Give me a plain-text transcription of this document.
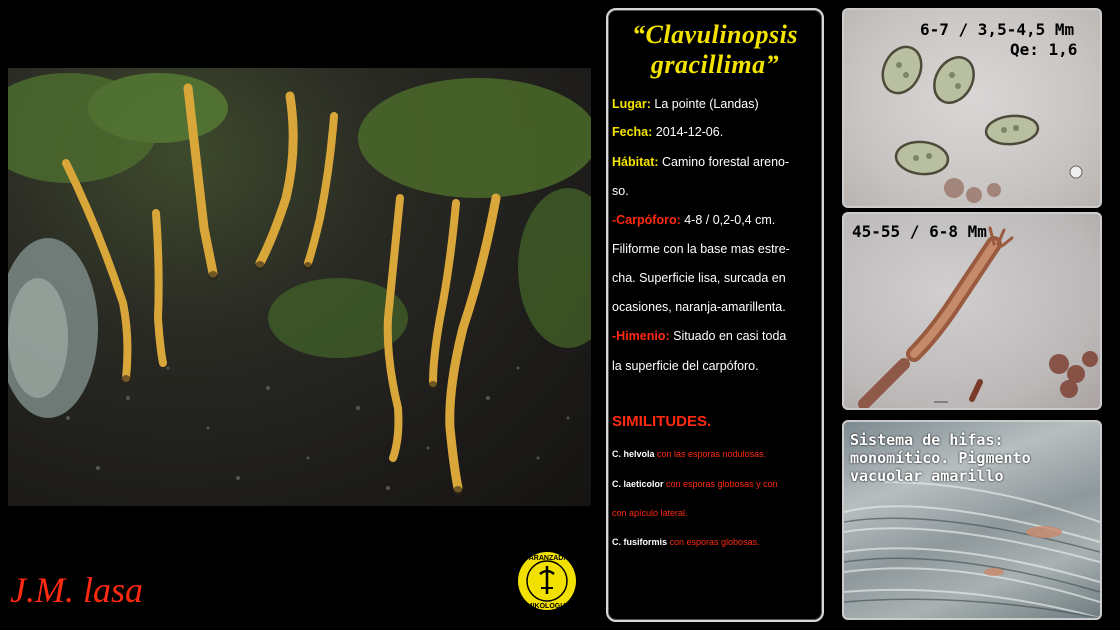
J.M. lasa
ARANZADI
MIKOLOGIA
“Clavulinopsis
gracillima”
Lugar: La pointe (Landas)
Fecha: 2014-12-06.
Hábitat: Camino forestal areno-
so.
-Carpóforo: 4-8 / 0,2-0,4 cm.
Filiforme con la base mas estre-
cha. Superficie lisa, surcada en
ocasiones, naranja-amarillenta.
-Himenio: Situado en casi toda
la superficie del carpóforo.
SIMILITUDES.
C. helvola con las esporas nodulosas.
C. laeticolor con esporas globosas y con
con apículo lateral.
C. fusiformis con esporas globosas.
6-7 / 3,5-4,5 Mm
Qe: 1,6
45-55 / 6-8 Mm
Sistema de hifas:
monomítico. Pigmento
vacuolar amarillo
